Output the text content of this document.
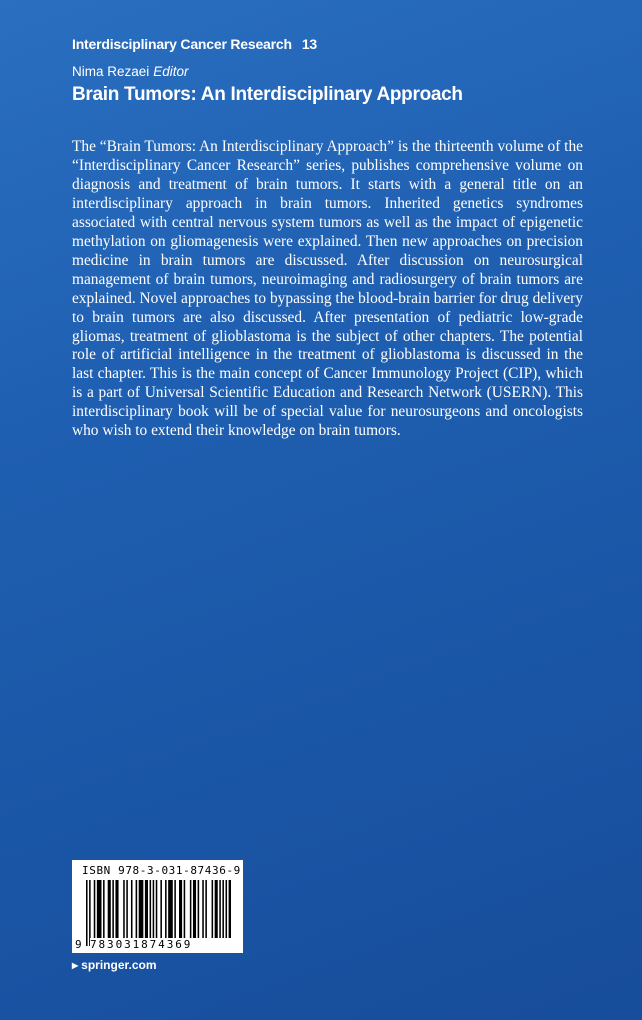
Interdisciplinary Cancer Research 13
Nima Rezaei Editor
Brain Tumors: An Interdisciplinary Approach

The “Brain Tumors: An Interdisciplinary Approach” is the thirteenth volume of the “Interdisciplinary Cancer Research” series, publishes comprehensive volume on diagnosis and treatment of brain tumors. It starts with a general title on an interdisciplinary approach in brain tumors. Inherited genetics syndromes associated with central nervous system tumors as well as the impact of epigenetic methylation on gliomagenesis were explained. Then new approaches on precision medicine in brain tumors are discussed. After discussion on neurosurgical management of brain tumors, neuroimaging and radiosurgery of brain tumors are explained. Novel approaches to bypassing the blood-brain barrier for drug delivery to brain tumors are also discussed. After presentation of pediatric low-grade gliomas, treatment of glioblastoma is the subject of other chapters. The potential role of artificial intelligence in the treatment of glioblastoma is discussed in the last chapter. This is the main concept of Cancer Immunology Project (CIP), which is a part of Universal Scientific Education and Research Network (USERN). This interdisciplinary book will be of special value for neurosurgeons and oncologists who wish to extend their knowledge on brain tumors.

ISBN 978-3-031-87436-9
9 783031874369
▶ springer.com
